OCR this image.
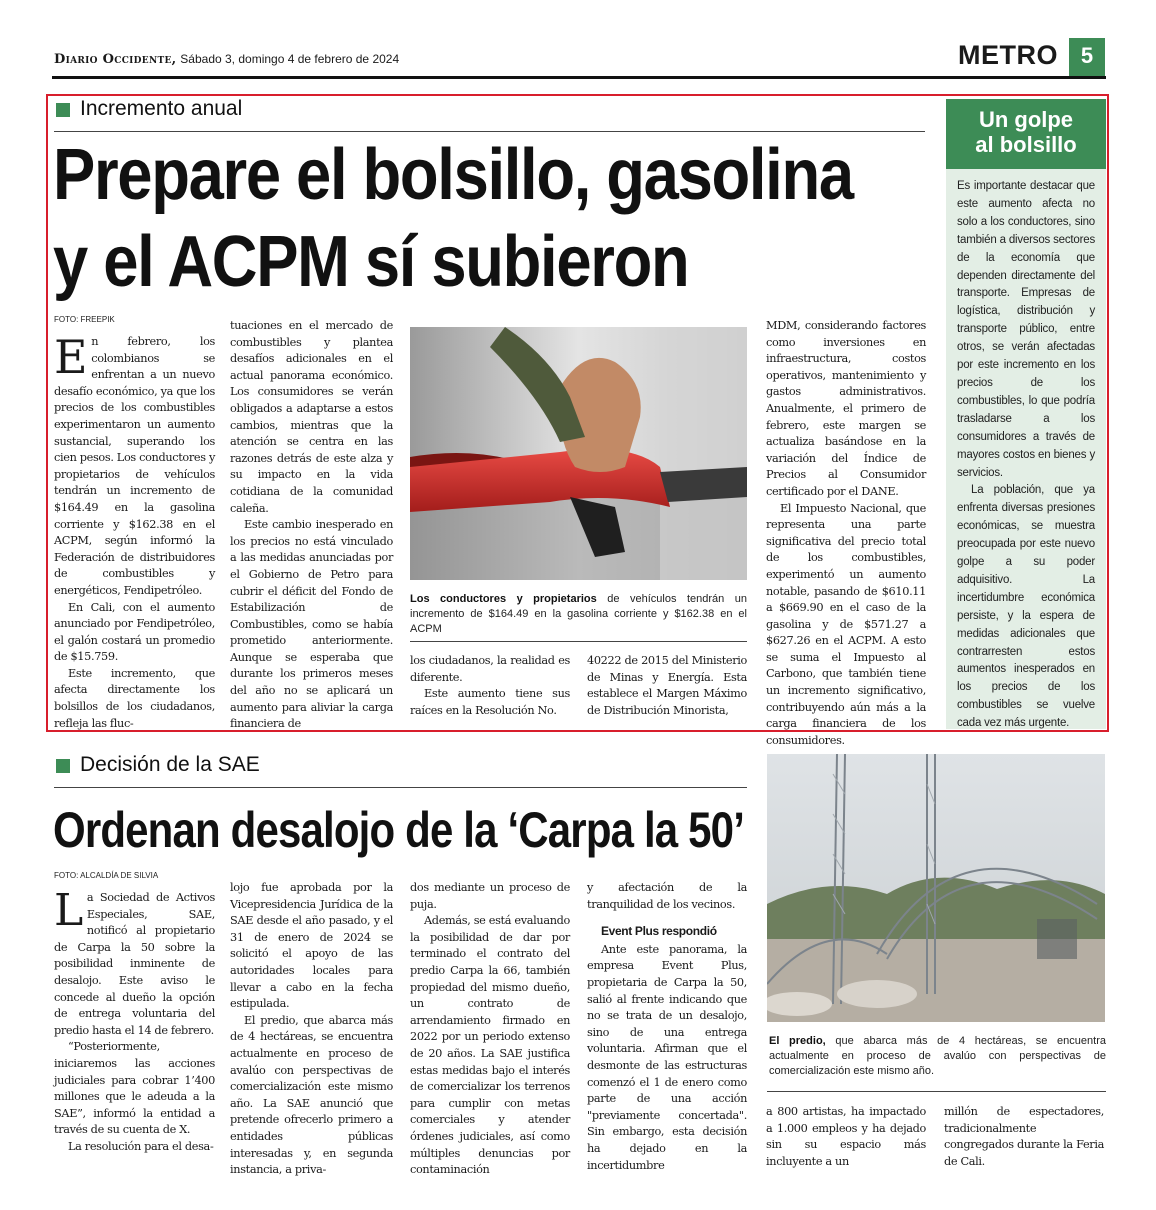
Diario Occidente, Sábado 3, domingo 4 de febrero de 2024	METRO	5
Incremento anual
Prepare el bolsillo, gasolina
y el ACPM sí subieron
FOTO: FREEPIK

En febrero, los colombianos se enfrentan a un nuevo desafío económico, ya que los precios de los combustibles experimentaron un aumento sustancial, superando los cien pesos. Los conductores y propietarios de vehículos tendrán un incremento de $164.49 en la gasolina corriente y $162.38 en el ACPM, según informó la Federación de distribuidores de combustibles y energéticos, Fendipetróleo.

En Cali, con el aumento anunciado por Fendipetróleo, el galón costará un promedio de $15.759.

Este incremento, que afecta directamente los bolsillos de los ciudadanos, refleja las fluc-

tuaciones en el mercado de combustibles y plantea desafíos adicionales en el actual panorama económico. Los consumidores se verán obligados a adaptarse a estos cambios, mientras que la atención se centra en las razones detrás de este alza y su impacto en la vida cotidiana de la comunidad caleña.

Este cambio inesperado en los precios no está vinculado a las medidas anunciadas por el Gobierno de Petro para cubrir el déficit del Fondo de Estabilización de Combustibles, como se había prometido anteriormente. Aunque se esperaba que durante los primeros meses del año no se aplicará un aumento para aliviar la carga financiera de

Los conductores y propietarios de vehículos tendrán un incremento de $164.49 en la gasolina corriente y $162.38 en el ACPM

los ciudadanos, la realidad es diferente.

Este aumento tiene sus raíces en la Resolución No.

40222 de 2015 del Ministerio de Minas y Energía. Esta establece el Margen Máximo de Distribución Minorista,

MDM, considerando factores como inversiones en infraestructura, costos operativos, mantenimiento y gastos administrativos. Anualmente, el primero de febrero, este margen se actualiza basándose en la variación del Índice de Precios al Consumidor certificado por el DANE.

El Impuesto Nacional, que representa una parte significativa del precio total de los combustibles, experimentó un aumento notable, pasando de $610.11 a $669.90 en el caso de la gasolina y de $571.27 a $627.26 en el ACPM. A esto se suma el Impuesto al Carbono, que también tiene un incremento significativo, contribuyendo aún más a la carga financiera de los consumidores.

Un golpe
al bolsillo

Es importante destacar que este aumento afecta no solo a los conductores, sino también a diversos sectores de la economía que dependen directamente del transporte. Empresas de logística, distribución y transporte público, entre otros, se verán afectadas por este incremento en los precios de los combustibles, lo que podría trasladarse a los consumidores a través de mayores costos en bienes y servicios.

La población, que ya enfrenta diversas presiones económicas, se muestra preocupada por este nuevo golpe a su poder adquisitivo. La incertidumbre económica persiste, y la espera de medidas adicionales que contrarresten estos aumentos inesperados en los precios de los combustibles se vuelve cada vez más urgente.

Decisión de la SAE
Ordenan desalojo de la ‘Carpa la 50’
FOTO: ALCALDÍA DE SILVIA

La Sociedad de Activos Especiales, SAE, notificó al propietario de Carpa la 50 sobre la posibilidad inminente de desalojo. Este aviso le concede al dueño la opción de entrega voluntaria del predio hasta el 14 de febrero.

“Posteriormente, iniciaremos las acciones judiciales para cobrar 1’400 millones que le adeuda a la SAE”, informó la entidad a través de su cuenta de X.

La resolución para el desa-

lojo fue aprobada por la Vicepresidencia Jurídica de la SAE desde el año pasado, y el 31 de enero de 2024 se solicitó el apoyo de las autoridades locales para llevar a cabo en la fecha estipulada.

El predio, que abarca más de 4 hectáreas, se encuentra actualmente en proceso de avalúo con perspectivas de comercialización este mismo año. La SAE anunció que pretende ofrecerlo primero a entidades públicas interesadas y, en segunda instancia, a priva-

dos mediante un proceso de puja.

Además, se está evaluando la posibilidad de dar por terminado el contrato del predio Carpa la 66, también propiedad del mismo dueño, un contrato de arrendamiento firmado en 2022 por un periodo extenso de 20 años. La SAE justifica estas medidas bajo el interés de comercializar los terrenos para cumplir con metas comerciales y atender órdenes judiciales, así como múltiples denuncias por contaminación

y afectación de la tranquilidad de los vecinos.

Event Plus respondió

Ante este panorama, la empresa Event Plus, propietaria de Carpa la 50, salió al frente indicando que no se trata de un desalojo, sino de una entrega voluntaria. Afirman que el desmonte de las estructuras comenzó el 1 de enero como parte de una acción "previamente concertada". Sin embargo, esta decisión ha dejado en la incertidumbre

El predio, que abarca más de 4 hectáreas, se encuentra actualmente en proceso de avalúo con perspectivas de comercialización este mismo año.

a 800 artistas, ha impactado a 1.000 empleos y ha dejado sin su espacio más incluyente a un

millón de espectadores, tradicionalmente congregados durante la Feria de Cali.
